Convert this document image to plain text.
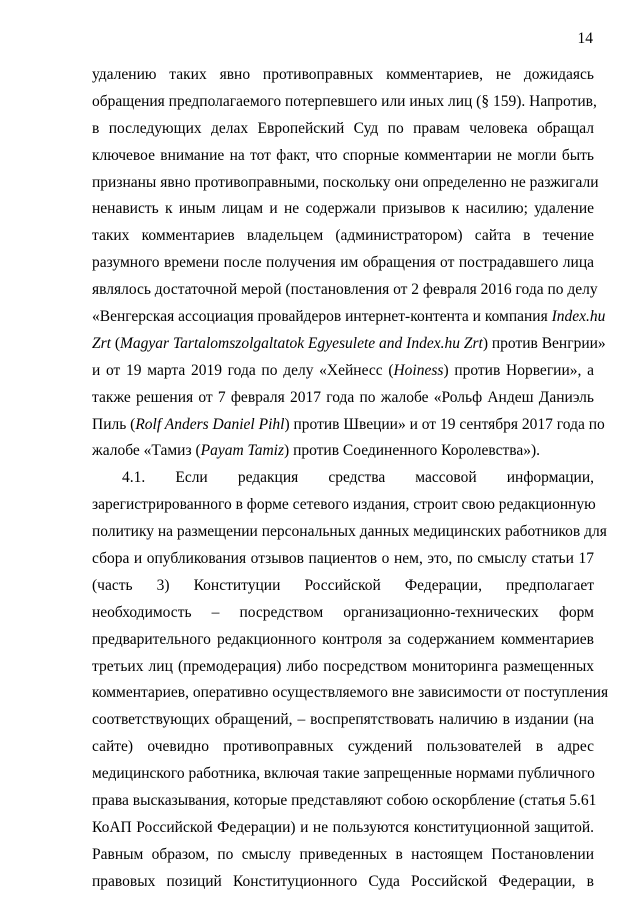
14
удалению таких явно противоправных комментариев, не дожидаясь
обращения предполагаемого потерпевшего или иных лиц (§ 159). Напротив,
в последующих делах Европейский Суд по правам человека обращал
ключевое внимание на тот факт, что спорные комментарии не могли быть
признаны явно противоправными, поскольку они определенно не разжигали
ненависть к иным лицам и не содержали призывов к насилию; удаление
таких комментариев владельцем (администратором) сайта в течение
разумного времени после получения им обращения от пострадавшего лица
являлось достаточной мерой (постановления от 2 февраля 2016 года по делу
«Венгерская ассоциация провайдеров интернет-контента и компания Index.hu
Zrt (Magyar Tartalomszolgaltatok Egyesulete and Index.hu Zrt) против Венгрии»
и от 19 марта 2019 года по делу «Хейнесс (Hoiness) против Норвегии», а
также решения от 7 февраля 2017 года по жалобе «Рольф Андеш Даниэль
Пиль (Rolf Anders Daniel Pihl) против Швеции» и от 19 сентября 2017 года по
жалобе «Тамиз (Payam Tamiz) против Соединенного Королевства»).
4.1. Если редакция средства массовой информации,
зарегистрированного в форме сетевого издания, строит свою редакционную
политику на размещении персональных данных медицинских работников для
сбора и опубликования отзывов пациентов о нем, это, по смыслу статьи 17
(часть 3) Конституции Российской Федерации, предполагает
необходимость – посредством организационно-технических форм
предварительного редакционного контроля за содержанием комментариев
третьих лиц (премодерация) либо посредством мониторинга размещенных
комментариев, оперативно осуществляемого вне зависимости от поступления
соответствующих обращений, – воспрепятствовать наличию в издании (на
сайте) очевидно противоправных суждений пользователей в адрес
медицинского работника, включая такие запрещенные нормами публичного
права высказывания, которые представляют собою оскорбление (статья 5.61
КоАП Российской Федерации) и не пользуются конституционной защитой.
Равным образом, по смыслу приведенных в настоящем Постановлении
правовых позиций Конституционного Суда Российской Федерации, в
